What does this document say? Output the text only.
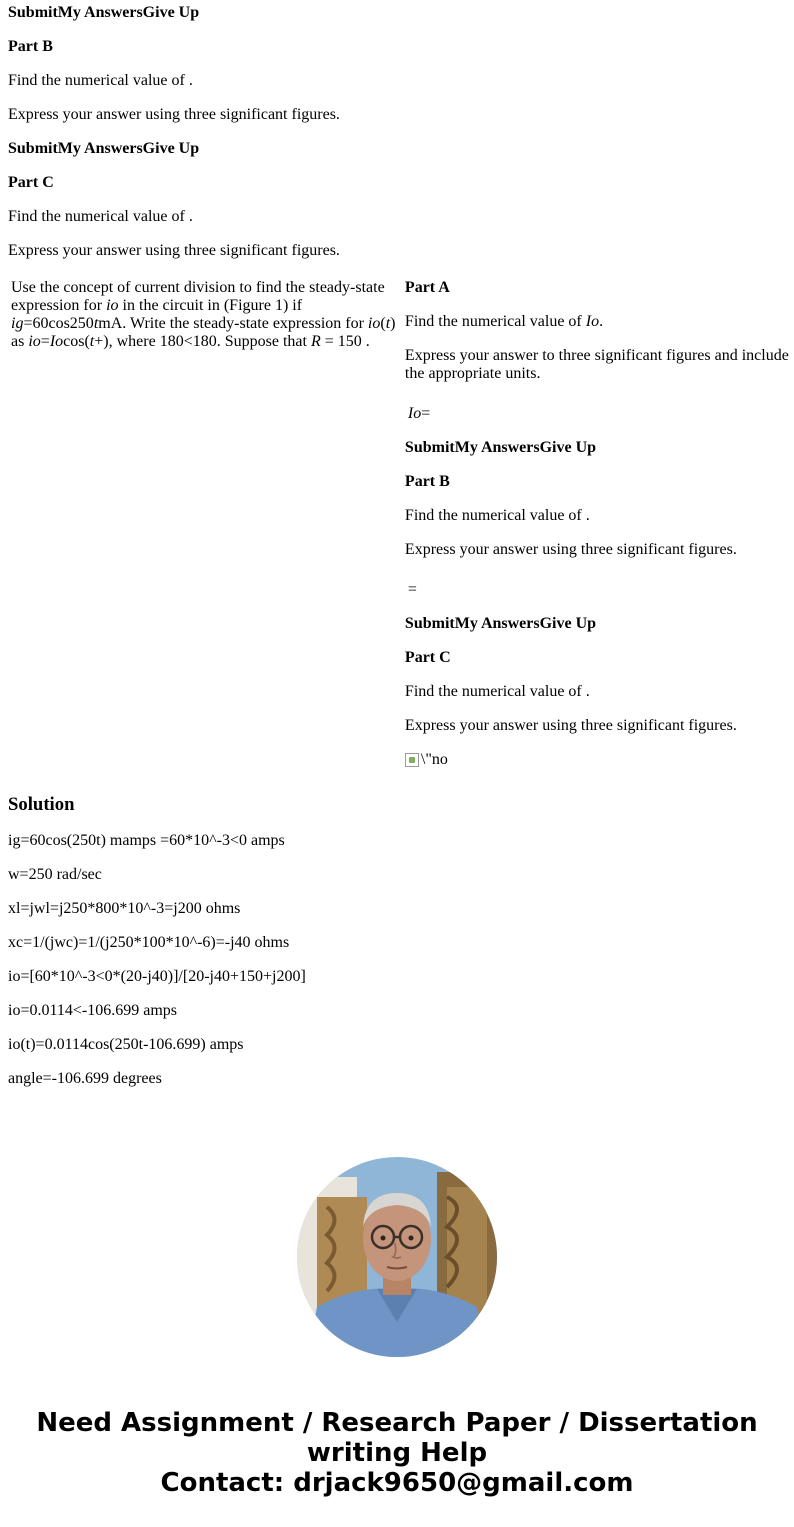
SubmitMy AnswersGive Up

Part B

Find the numerical value of .

Express your answer using three significant figures.

SubmitMy AnswersGive Up

Part C

Find the numerical value of .

Express your answer using three significant figures.

Use the concept of current division to find the steady-state expression for io in the circuit in (Figure 1) if ig=60cos250tmA. Write the steady-state expression for io(t) as io=Iocos(t+), where 180<180. Suppose that R = 150 .	

Part A

Find the numerical value of Io.

Express your answer to three significant figures and include the appropriate units.

Io=

SubmitMy AnswersGive Up

Part B

Find the numerical value of .

Express your answer using three significant figures.

=

SubmitMy AnswersGive Up

Part C

Find the numerical value of .

Express your answer using three significant figures.

\"no

Solution

ig=60cos(250t) mamps =60*10^-3<0 amps

w=250 rad/sec

xl=jwl=j250*800*10^-3=j200 ohms

xc=1/(jwc)=1/(j250*100*10^-6)=-j40 ohms

io=[60*10^-3<0*(20-j40)]/[20-j40+150+j200]

io=0.0114<-106.699 amps

io(t)=0.0114cos(250t-106.699) amps

angle=-106.699 degrees

Need Assignment / Research Paper / Dissertation
writing Help
Contact: drjack9650@gmail.com
